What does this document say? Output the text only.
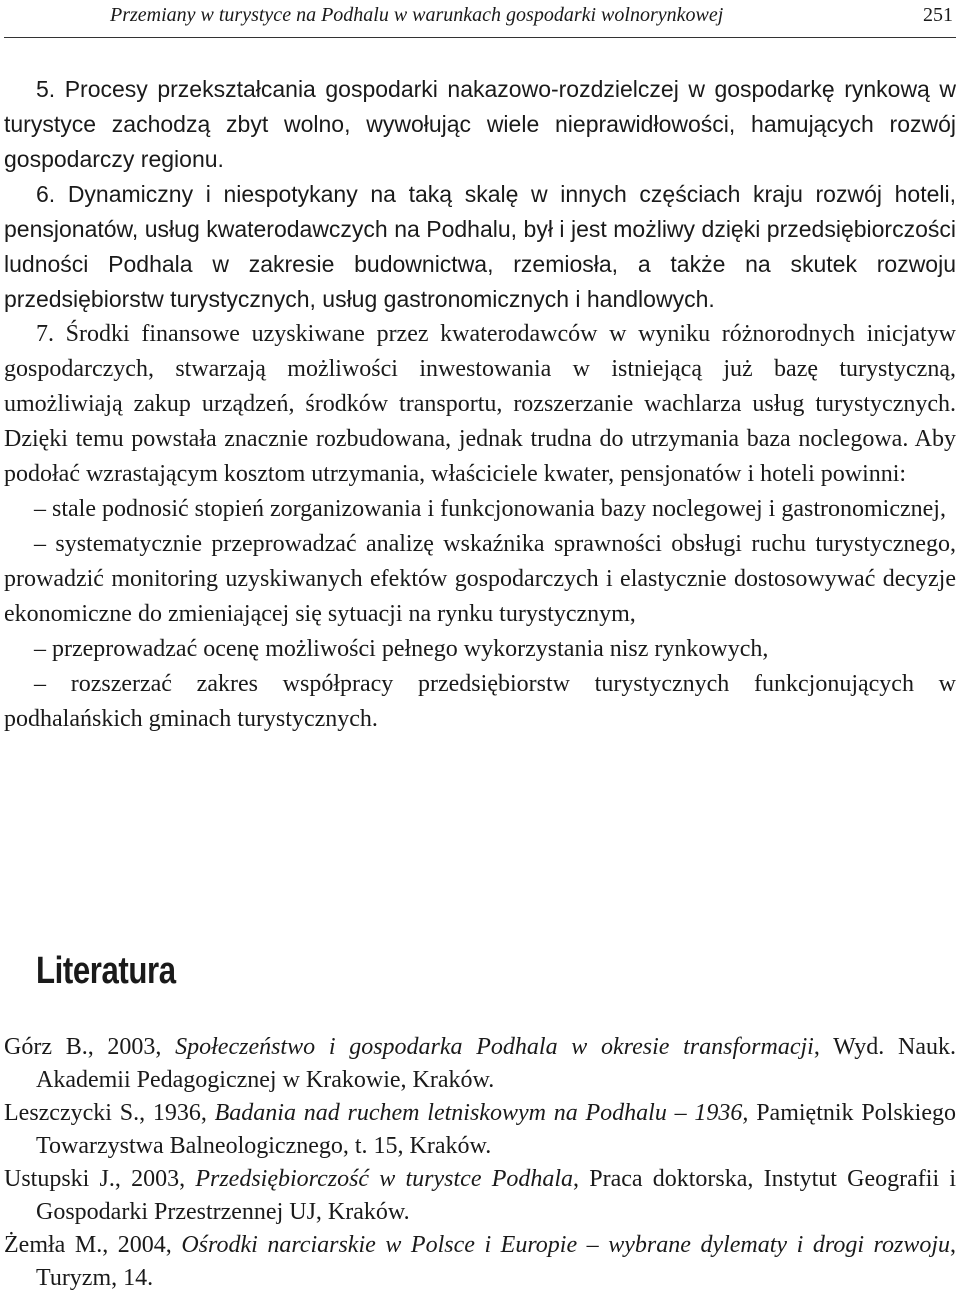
Przemiany w turystyce na Podhalu w warunkach gospodarki wolnorynkowej	251

5. Procesy przekształcania gospodarki nakazowo-rozdzielczej w gospodarkę rynkową w turystyce zachodzą zbyt wolno, wywołując wiele nieprawidłowości, hamujących rozwój gospodarczy regionu.

6. Dynamiczny i niespotykany na taką skalę w innych częściach kraju rozwój hoteli, pensjonatów, usług kwaterodawczych na Podhalu, był i jest możliwy dzięki przedsiębiorczości ludności Podhala w zakresie budownictwa, rzemiosła, a także na skutek rozwoju przedsiębiorstw turystycznych, usług gastronomicznych i handlowych.

7. Środki finansowe uzyskiwane przez kwaterodawców w wyniku różnorodnych inicjatyw gospodarczych, stwarzają możliwości inwestowania w istniejącą już bazę turystyczną, umożliwiają zakup urządzeń, środków transportu, rozszerzanie wachlarza usług turystycznych. Dzięki temu powstała znacznie rozbudowana, jednak trudna do utrzymania baza noclegowa. Aby podołać wzrastającym kosztom utrzymania, właściciele kwater, pensjonatów i hoteli powinni:

– stale podnosić stopień zorganizowania i funkcjonowania bazy noclegowej i gastronomicznej,

– systematycznie przeprowadzać analizę wskaźnika sprawności obsługi ruchu turystycznego, prowadzić monitoring uzyskiwanych efektów gospodarczych i elastycznie dostosowywać decyzje ekonomiczne do zmieniającej się sytuacji na rynku turystycznym,

– przeprowadzać ocenę możliwości pełnego wykorzystania nisz rynkowych,

– rozszerzać zakres współpracy przedsiębiorstw turystycznych funkcjonujących w podhalańskich gminach turystycznych.

Literatura

Górz B., 2003, Społeczeństwo i gospodarka Podhala w okresie transformacji, Wyd. Nauk. Akademii Pedagogicznej w Krakowie, Kraków.

Leszczycki S., 1936, Badania nad ruchem letniskowym na Podhalu – 1936, Pamiętnik Polskiego Towarzystwa Balneologicznego, t. 15, Kraków.

Ustupski J., 2003, Przedsiębiorczość w turystce Podhala, Praca doktorska, Instytut Geografii i Gospodarki Przestrzennej UJ, Kraków.

Żemła M., 2004, Ośrodki narciarskie w Polsce i Europie – wybrane dylematy i drogi rozwoju, Turyzm, 14.
